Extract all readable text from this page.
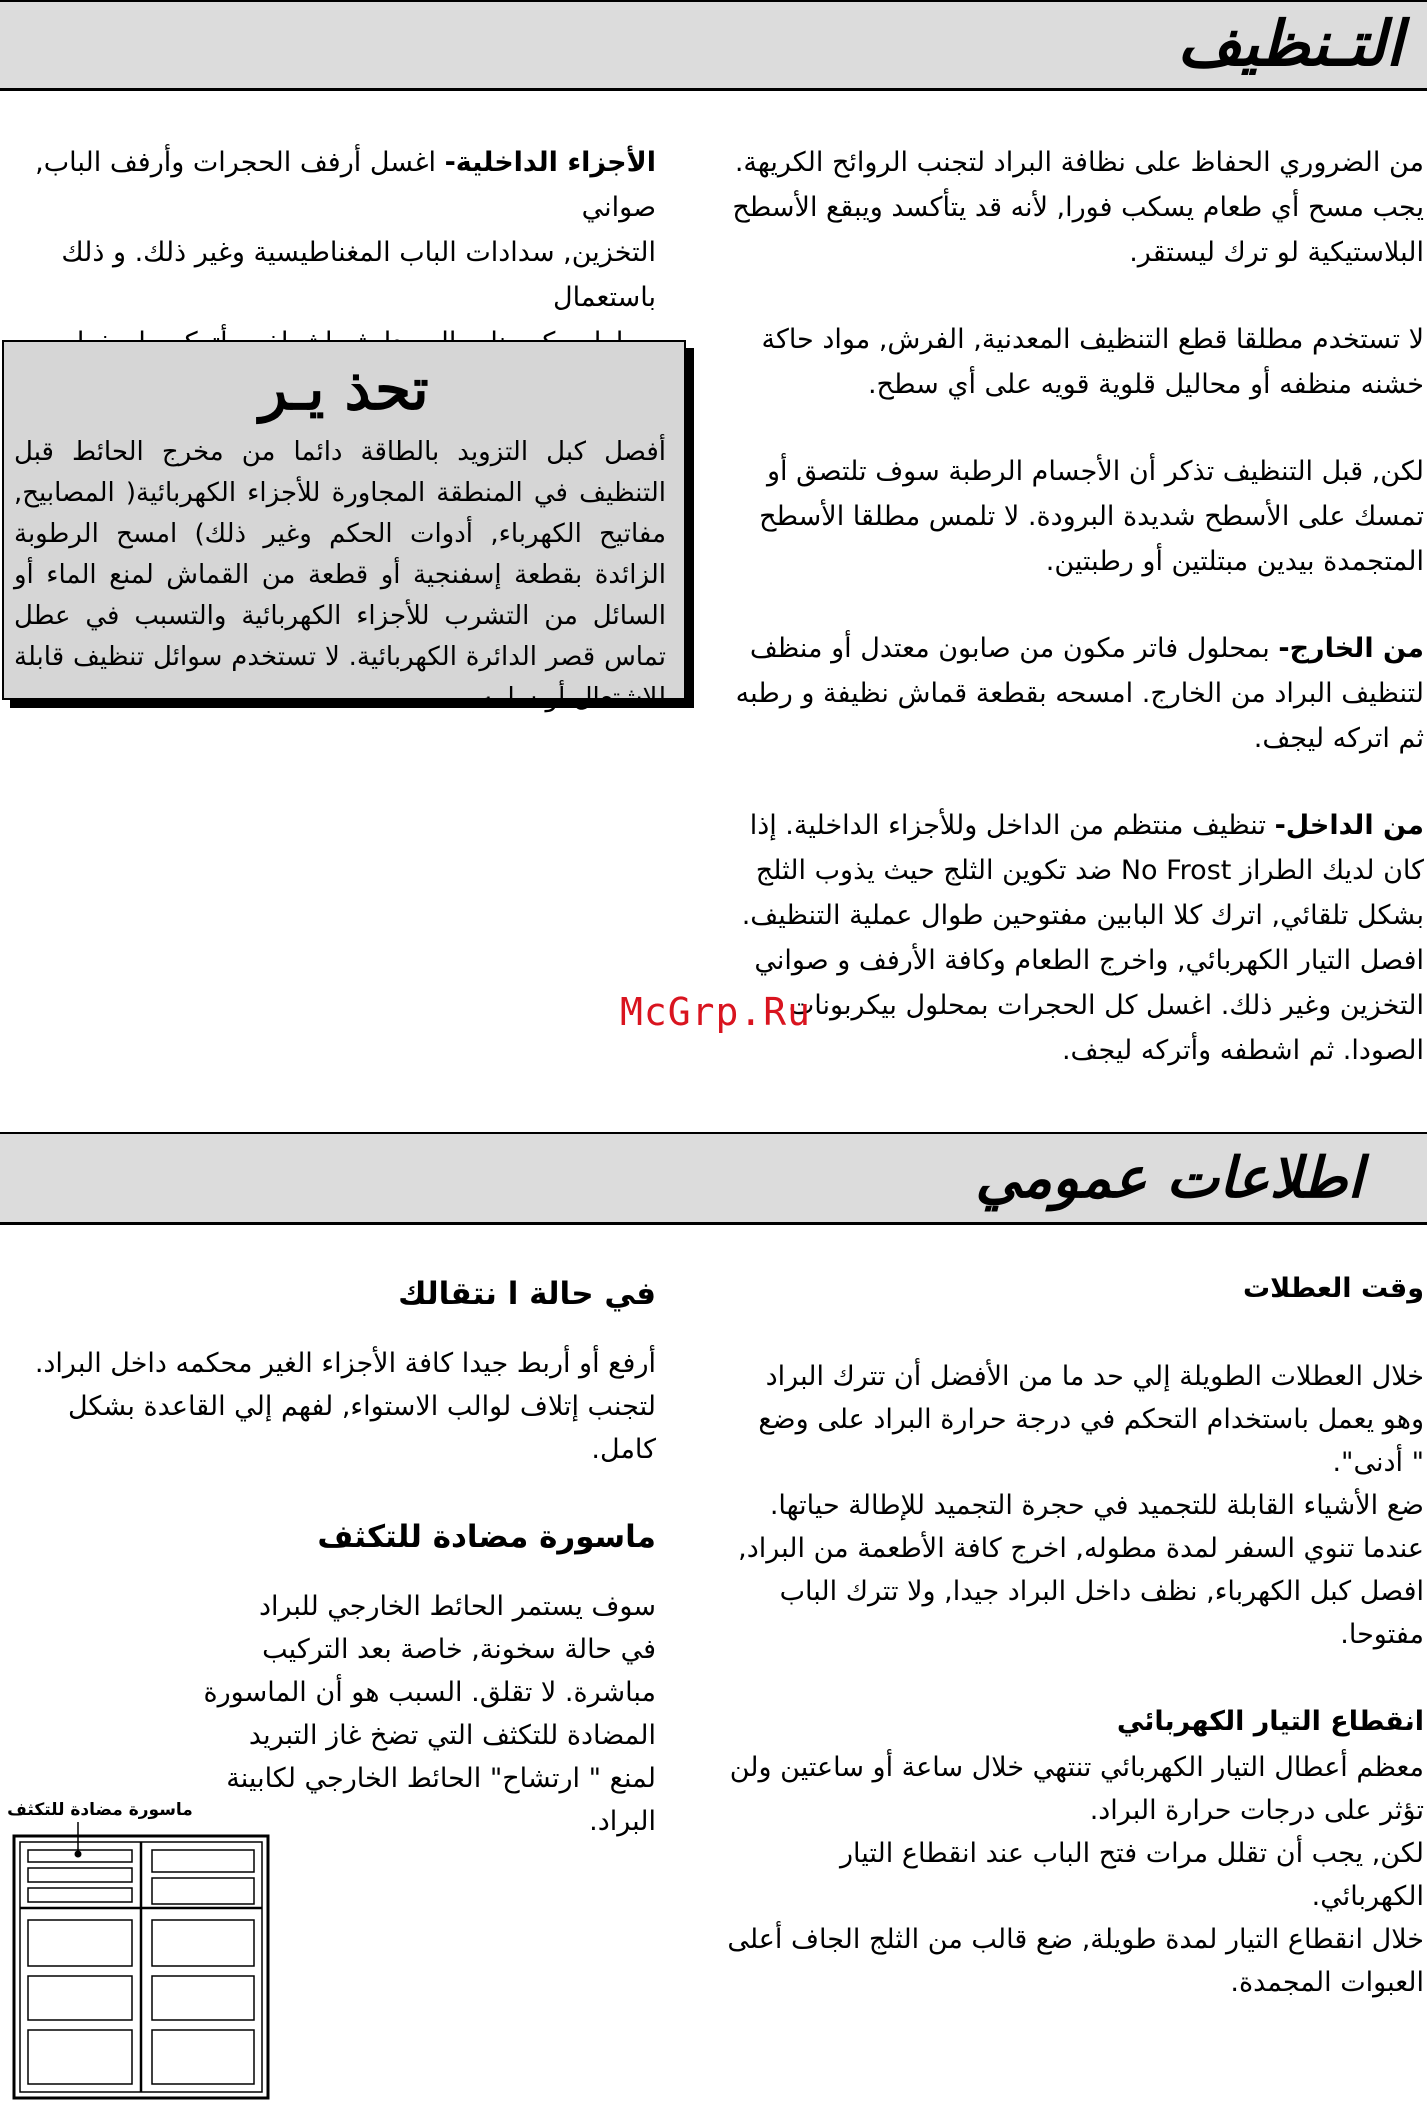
التـنظيف

من الضروري الحفاظ على نظافة البراد لتجنب الروائح الكريهة.

يجب مسح أي طعام يسكب فورا, لأنه قد يتأكسد ويبقع الأسطح

البلاستيكية لو ترك ليستقر.

لا تستخدم مطلقا قطع التنظيف المعدنية, الفرش, مواد حاكة

خشنه منظفه أو محاليل قلوية قويه على أي سطح.

لكن, قبل التنظيف تذكر أن الأجسام الرطبة سوف تلتصق أو

تمسك على الأسطح شديدة البرودة. لا تلمس مطلقا الأسطح

المتجمدة بيدين مبتلتين أو رطبتين.

من الخارج- بمحلول فاتر مكون من صابون معتدل أو منظف

لتنظيف البراد من الخارج. امسحه بقطعة قماش نظيفة و رطبه

ثم اتركه ليجف.

من الداخل- تنظيف منتظم من الداخل وللأجزاء الداخلية. إذا

كان لديك الطراز No Frost ضد تكوين الثلج حيث يذوب الثلج

بشكل تلقائي, اترك كلا البابين مفتوحين طوال عملية التنظيف.

افصل التيار الكهربائي, واخرج الطعام وكافة الأرفف و صواني

التخزين وغير ذلك. اغسل كل الحجرات بمحلول بيكربونات

الصودا. ثم اشطفه وأتركه ليجف.

الأجزاء الداخلية- اغسل أرفف الحجرات وأرفف الباب, صواني

التخزين, سدادات الباب المغناطيسية وغير ذلك. و ذلك باستعمال

تحذ يـر

أفصل كبل التزويد بالطاقة دائما من مخرج الحائط قبل التنظيف في المنطقة المجاورة للأجزاء الكهربائية( المصابيح, مفاتيح الكهرباء, أدوات الحكم وغير ذلك) امسح الرطوبة الزائدة بقطعة إسفنجية أو قطعة من القماش لمنع الماء أو السائل من التشرب للأجزاء الكهربائية والتسبب في عطل تماس قصر الدائرة الكهربائية. لا تستخدم سوائل تنظيف قابلة للاشتعال أو سامه.

McGrp.Ru
اطلاعات عمومي

وقت العطلات

خلال العطلات الطويلة إلي حد ما من الأفضل أن تترك البراد

وهو يعمل باستخدام التحكم في درجة حرارة البراد على وضع

" أدنى".

ضع الأشياء القابلة للتجميد في حجرة التجميد للإطالة حياتها.

عندما تنوي السفر لمدة مطوله, اخرج كافة الأطعمة من البراد,

افصل كبل الكهرباء, نظف داخل البراد جيدا, ولا تترك الباب

مفتوحا.

انقطاع التيار الكهربائي

معظم أعطال التيار الكهربائي تنتهي خلال ساعة أو ساعتين ولن

تؤثر على درجات حرارة البراد.

لكن, يجب أن تقلل مرات فتح الباب عند انقطاع التيار الكهربائي.

خلال انقطاع التيار لمدة طويلة, ضع قالب من الثلج الجاف أعلى

العبوات المجمدة.

في حالة ا نتقالك

أرفع أو أربط جيدا كافة الأجزاء الغير محكمه داخل البراد.

لتجنب إتلاف لوالب الاستواء, لفهم إلي القاعدة بشكل كامل.

ماسورة مضادة للتكثف

سوف يستمر الحائط الخارجي للبراد

في حالة سخونة, خاصة بعد التركيب

مباشرة. لا تقلق. السبب هو أن الماسورة

المضادة للتكثف التي تضخ غاز التبريد

لمنع " ارتشاح" الحائط الخارجي لكابينة

البراد.

ماسورة مضادة للتكثف
